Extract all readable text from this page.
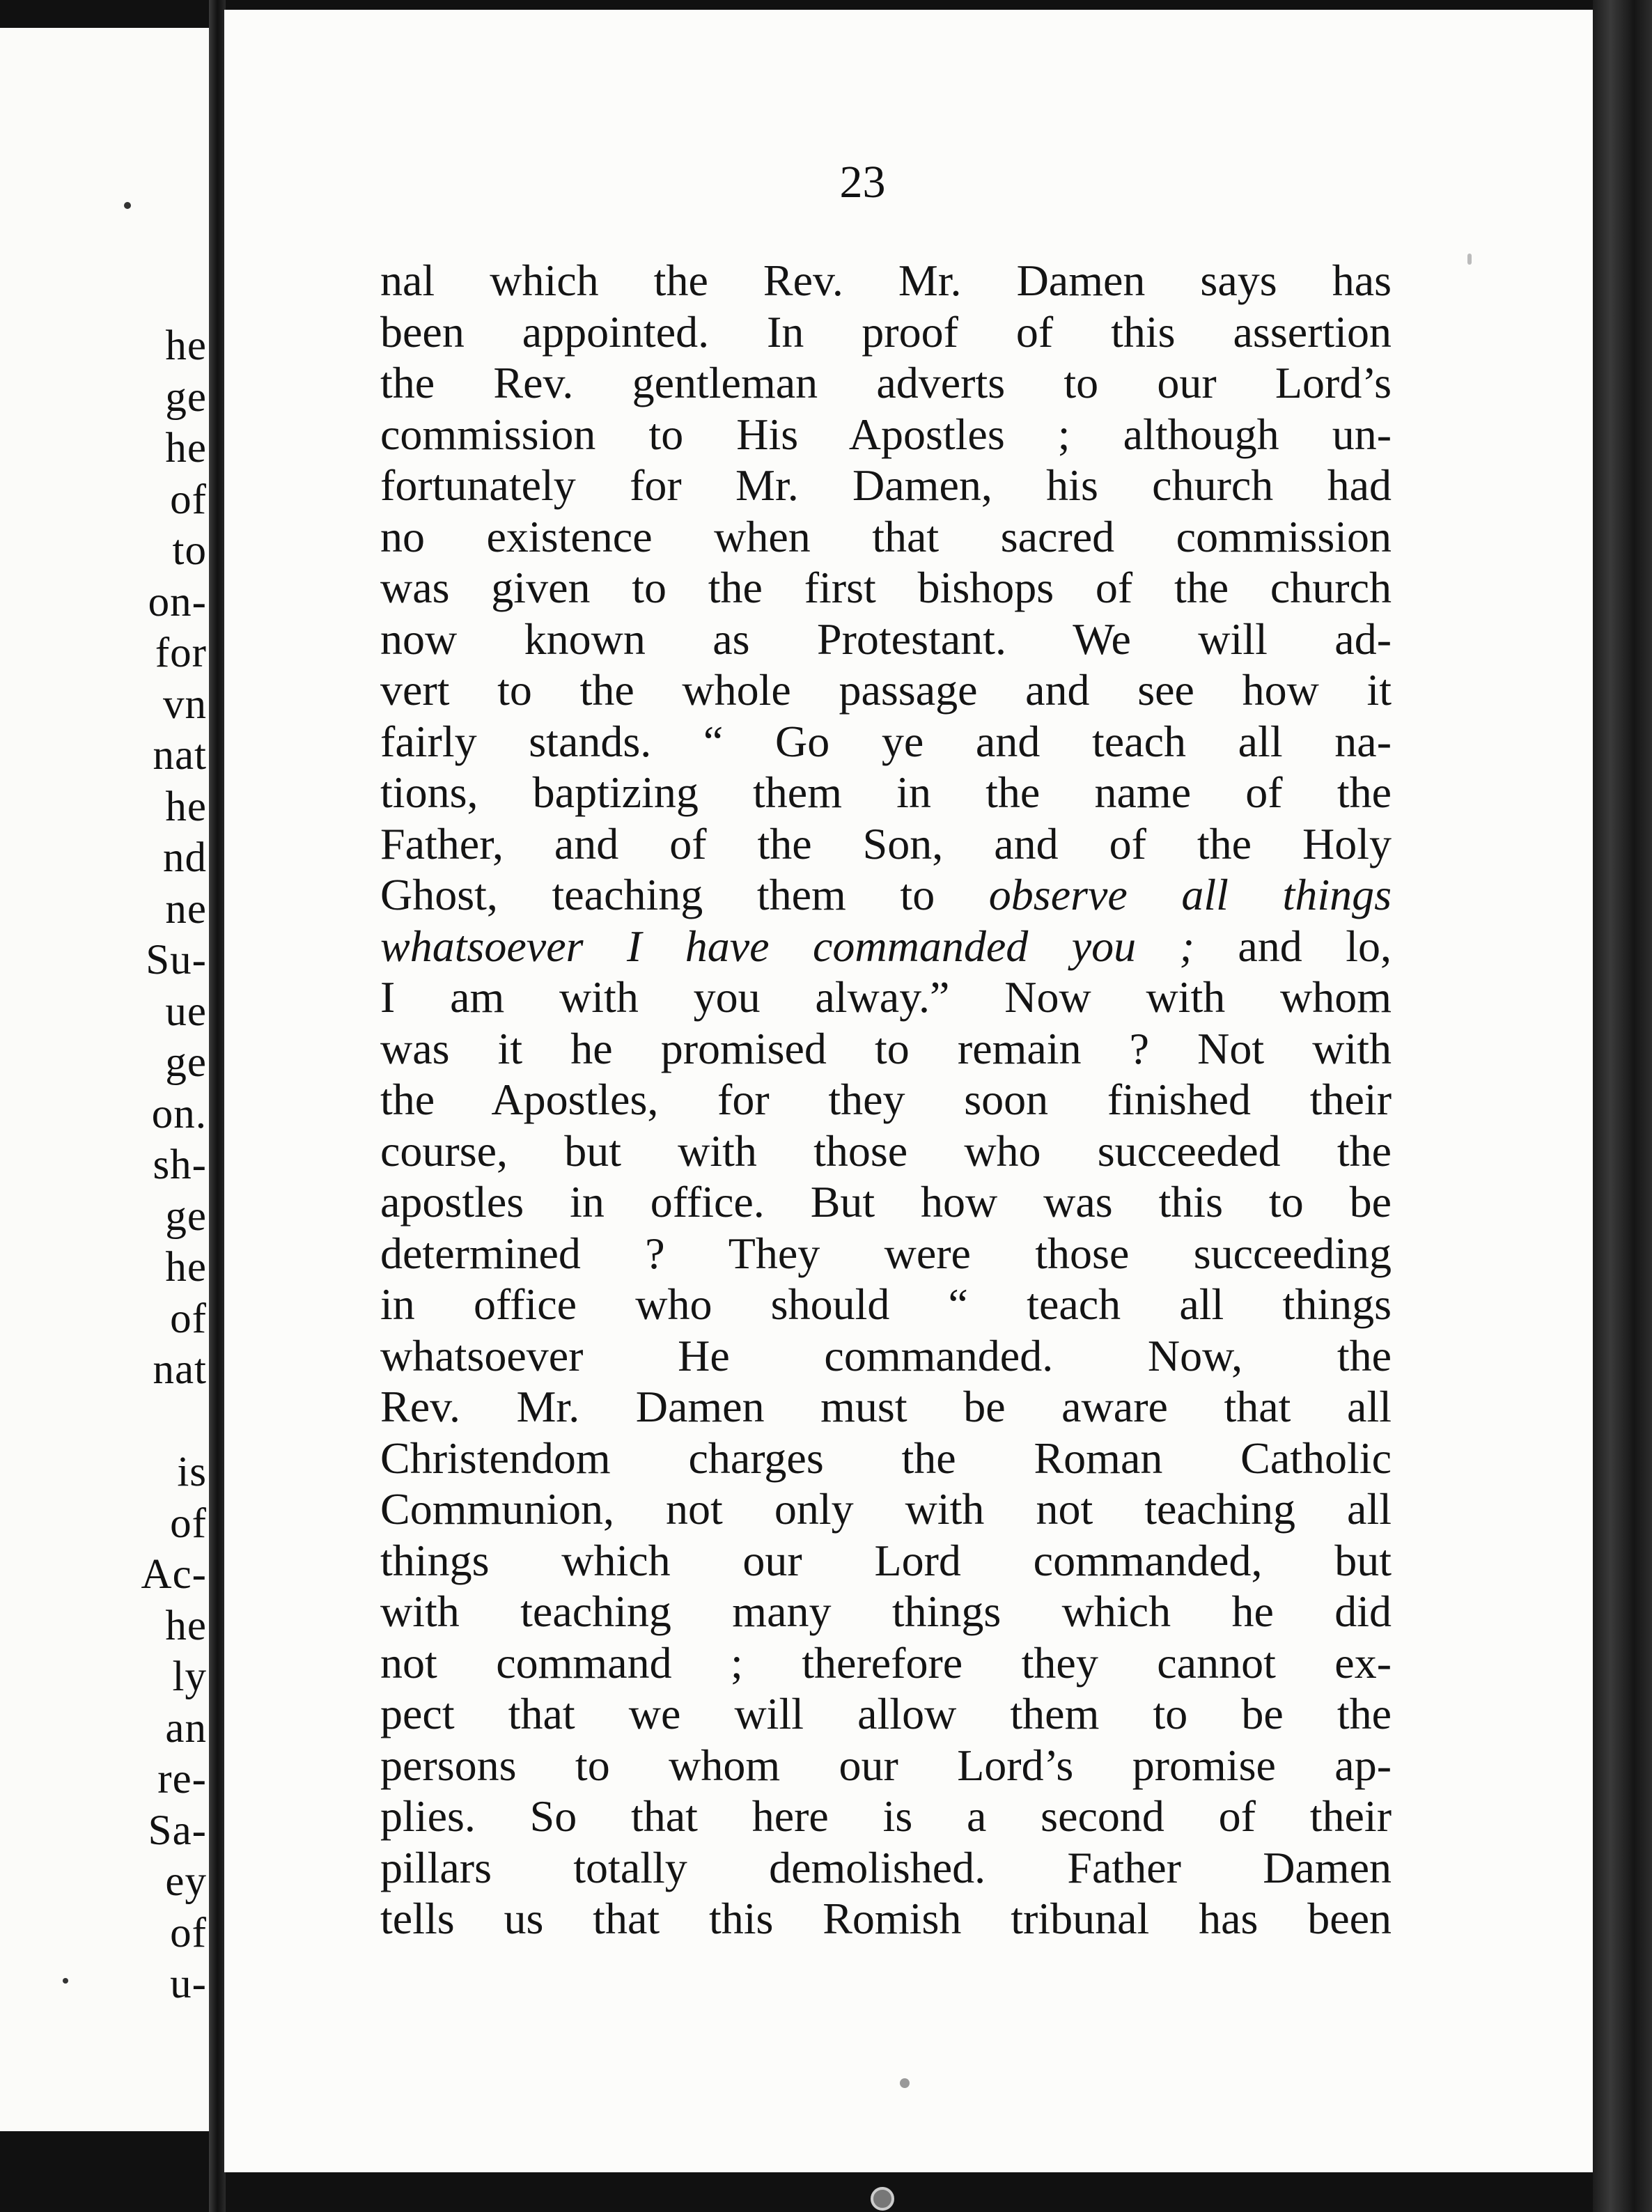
he
ge
he
of
to
on-
for
vn
nat
he
nd
ne
Su-
ue
ge
on.
sh-
ge
he
of
nat
is
of
Ac-
he
ly
an
re-
Sa-
ey
of
u-
23
nal which the Rev. Mr. Damen says has
been appointed. In proof of this assertion
the Rev. gentleman adverts to our Lord’s
commission to His Apostles ; although un-
fortunately for Mr. Damen, his church had
no existence when that sacred commission
was given to the first bishops of the church
now known as Protestant. We will ad-
vert to the whole passage and see how it
fairly stands. “ Go ye and teach all na-
tions, baptizing them in the name of the
Father, and of the Son, and of the Holy
Ghost, teaching them to observe all things
whatsoever I have commanded you ; and lo,
I am with you alway.” Now with whom
was it he promised to remain ? Not with
the Apostles, for they soon finished their
course, but with those who succeeded the
apostles in office. But how was this to be
determined ? They were those succeeding
in office who should “ teach all things
whatsoever He commanded. Now, the
Rev. Mr. Damen must be aware that all
Christendom charges the Roman Catholic
Communion, not only with not teaching all
things which our Lord commanded, but
with teaching many things which he did
not command ; therefore they cannot ex-
pect that we will allow them to be the
persons to whom our Lord’s promise ap-
plies. So that here is a second of their
pillars totally demolished. Father Damen
tells us that this Romish tribunal has been
